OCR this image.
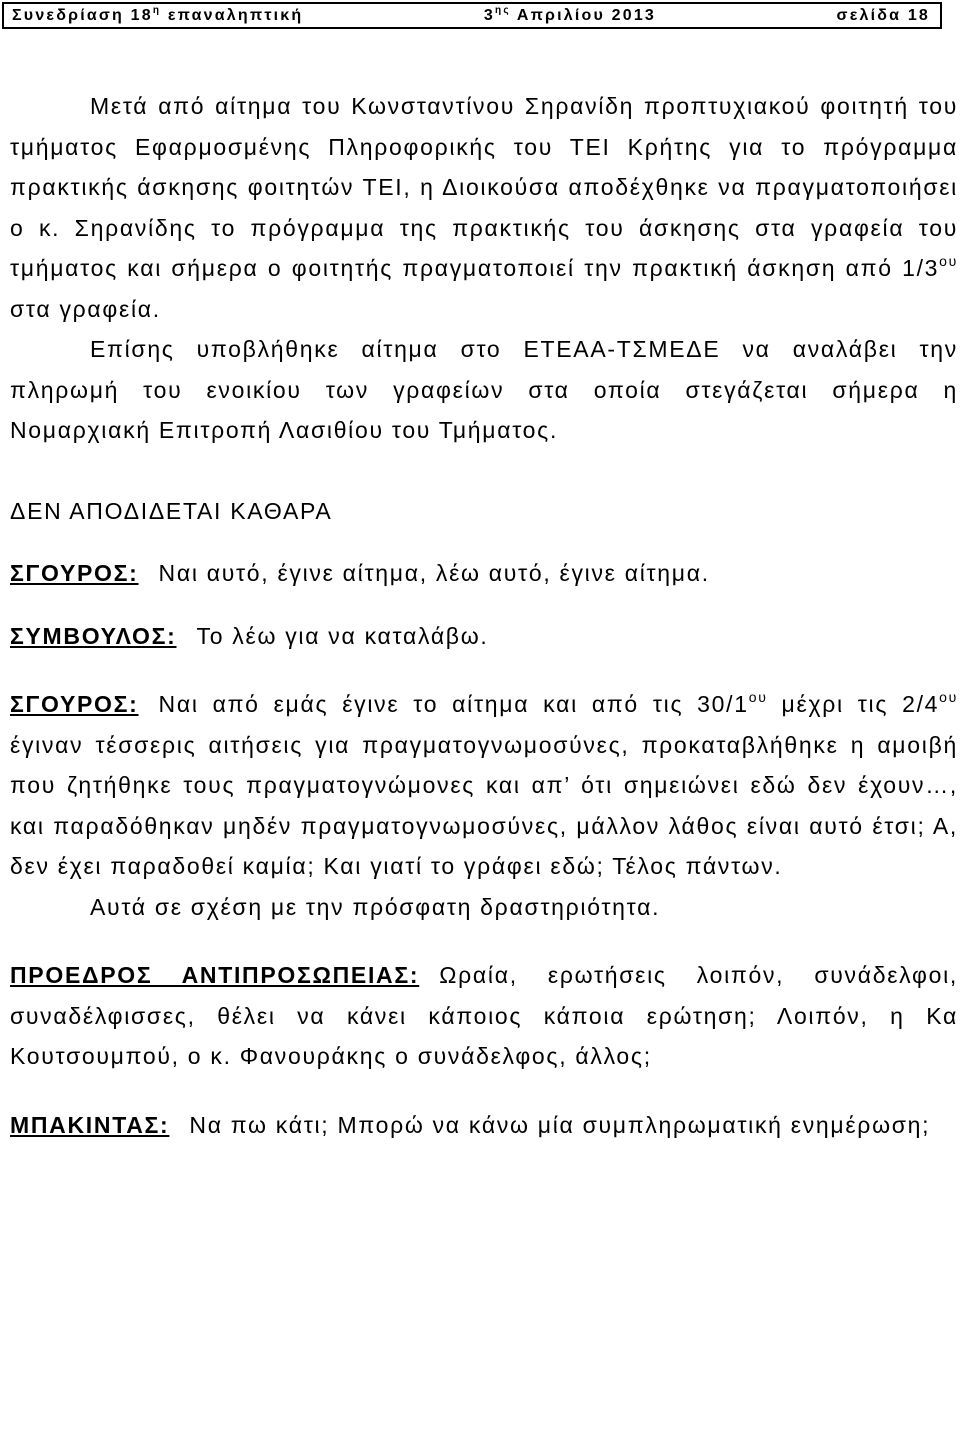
Συνεδρίαση $18^\eta$ επαναληπτική	$3^{\eta\varsigma}$ Απριλίου 2013	σελίδα 18

Μετά από αίτημα του Κωνσταντίνου Σηρανίδη προπτυχιακού φοιτητή του τμήματος Εφαρμοσμένης Πληροφορικής του ΤΕΙ Κρήτης για το πρόγραμμα πρακτικής άσκησης φοιτητών ΤΕΙ, η Διοικούσα αποδέχθηκε να πραγματοποιήσει ο κ. Σηρανίδης το πρόγραμμα της πρακτικής του άσκησης στα γραφεία του τμήματος και σήμερα ο φοιτητής πραγματοποιεί την πρακτική άσκηση από $1/3^{o\upsilon}$ στα γραφεία.

Επίσης υποβλήθηκε αίτημα στο ΕΤΕΑΑ-ΤΣΜΕΔΕ να αναλάβει την πληρωμή του ενοικίου των γραφείων στα οποία στεγάζεται σήμερα η Νομαρχιακή Επιτροπή Λασιθίου του Τμήματος.

ΔΕΝ ΑΠΟΔΙΔΕΤΑΙ ΚΑΘΑΡΑ

ΣΓΟΥΡΟΣ: Ναι αυτό, έγινε αίτημα, λέω αυτό, έγινε αίτημα.

ΣΥΜΒΟΥΛΟΣ: Το λέω για να καταλάβω.

ΣΓΟΥΡΟΣ: Ναι από εμάς έγινε το αίτημα και από τις $30/1^{o\upsilon}$ μέχρι τις $2/4^{o\upsilon}$ έγιναν τέσσερις αιτήσεις για πραγματογνωμοσύνες, προκαταβλήθηκε η αμοιβή που ζητήθηκε τους πραγματογνώμονες και απ’ ότι σημειώνει εδώ δεν έχουν…, και παραδόθηκαν μηδέν πραγματογνωμοσύνες, μάλλον λάθος είναι αυτό έτσι; Α, δεν έχει παραδοθεί καμία; Και γιατί το γράφει εδώ; Τέλος πάντων.

Αυτά σε σχέση με την πρόσφατη δραστηριότητα.

ΠΡΟΕΔΡΟΣ ΑΝΤΙΠΡΟΣΩΠΕΙΑΣ: Ωραία, ερωτήσεις λοιπόν, συνάδελφοι, συναδέλφισσες, θέλει να κάνει κάποιος κάποια ερώτηση; Λοιπόν, η Κα Κουτσουμπού, ο κ. Φανουράκης ο συνάδελφος, άλλος;

ΜΠΑΚΙΝΤΑΣ: Να πω κάτι; Μπορώ να κάνω μία συμπληρωματική ενημέρωση;
